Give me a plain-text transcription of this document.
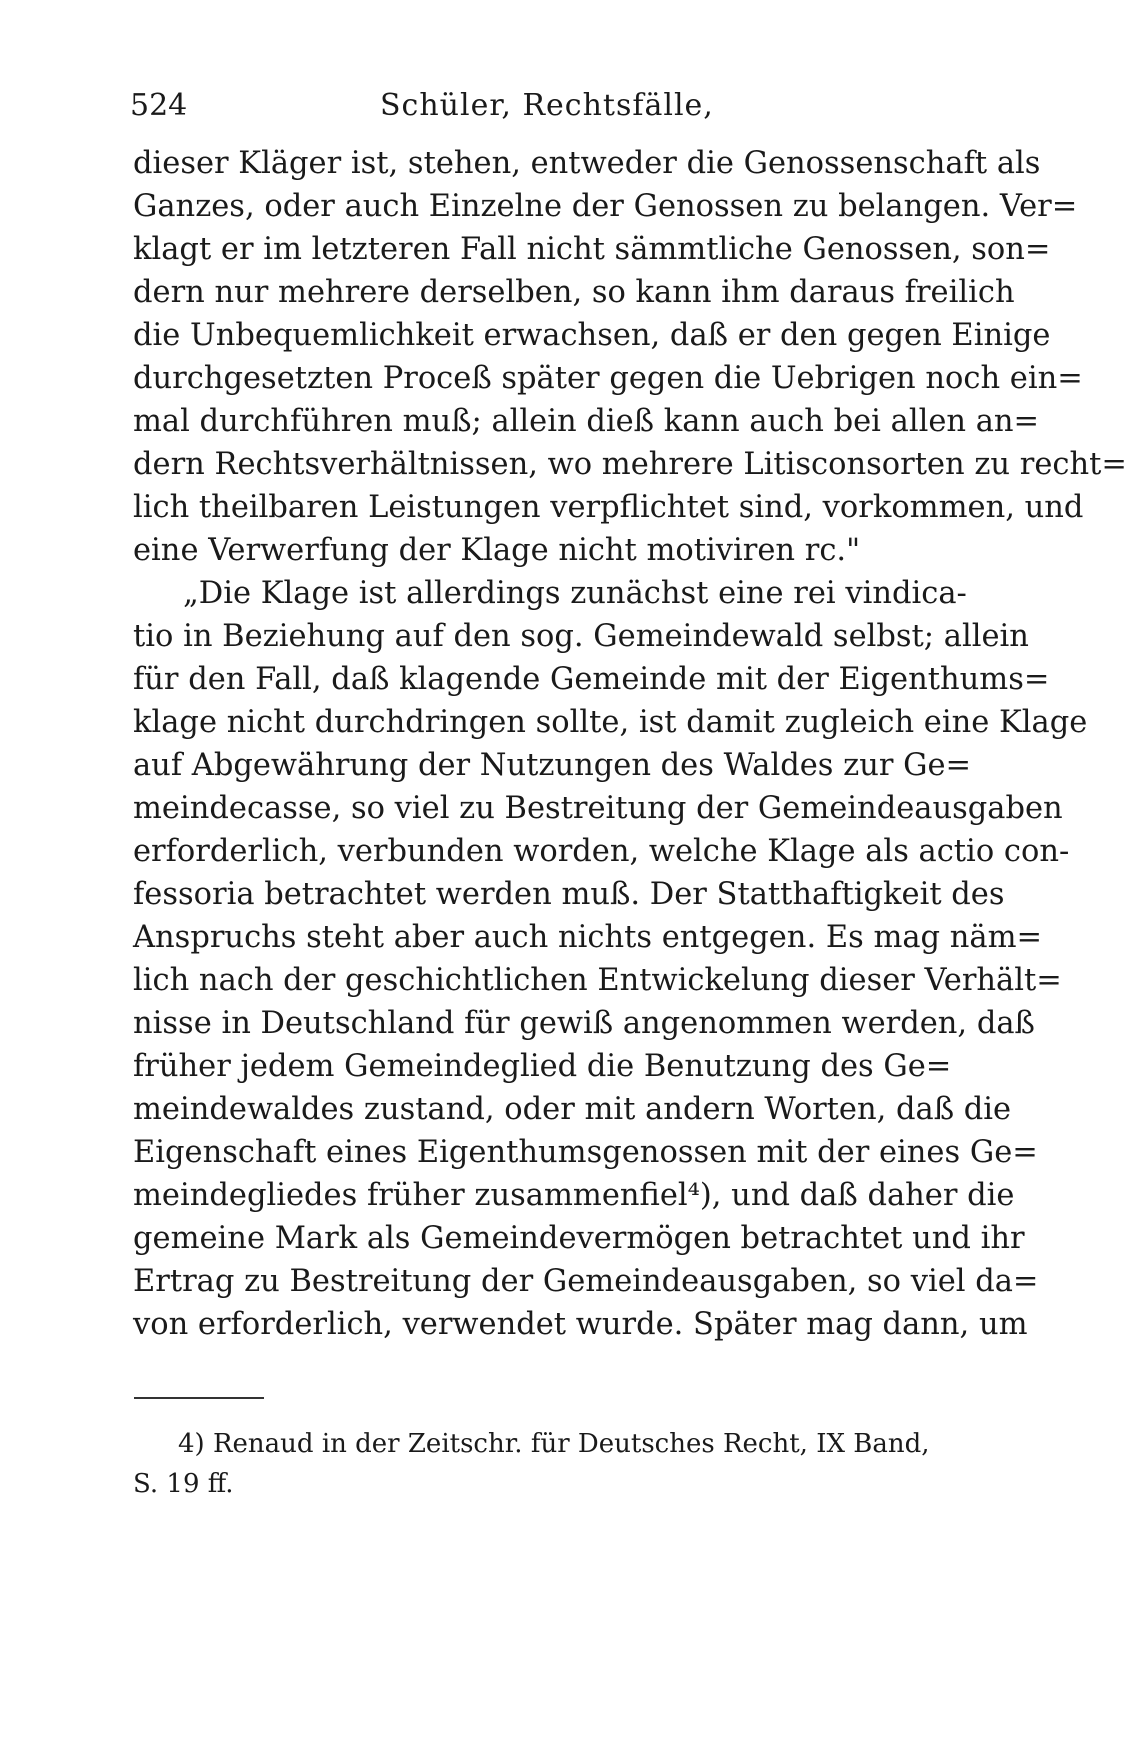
524	Schüler, Rechtsfälle,
dieser Kläger ist, stehen, entweder die Genossenschaft als
Ganzes, oder auch Einzelne der Genossen zu belangen. Ver=
klagt er im letzteren Fall nicht sämmtliche Genossen, son=
dern nur mehrere derselben, so kann ihm daraus freilich
die Unbequemlichkeit erwachsen, daß er den gegen Einige
durchgesetzten Proceß später gegen die Uebrigen noch ein=
mal durchführen muß; allein dieß kann auch bei allen an=
dern Rechtsverhältnissen, wo mehrere Litisconsorten zu recht=
lich theilbaren Leistungen verpflichtet sind, vorkommen, und
eine Verwerfung der Klage nicht motiviren rc."
„Die Klage ist allerdings zunächst eine rei vindica-
tio in Beziehung auf den sog. Gemeindewald selbst; allein
für den Fall, daß klagende Gemeinde mit der Eigenthums=
klage nicht durchdringen sollte, ist damit zugleich eine Klage
auf Abgewährung der Nutzungen des Waldes zur Ge=
meindecasse, so viel zu Bestreitung der Gemeindeausgaben
erforderlich, verbunden worden, welche Klage als actio con-
fessoria betrachtet werden muß. Der Statthaftigkeit des
Anspruchs steht aber auch nichts entgegen. Es mag näm=
lich nach der geschichtlichen Entwickelung dieser Verhält=
nisse in Deutschland für gewiß angenommen werden, daß
früher jedem Gemeindeglied die Benutzung des Ge=
meindewaldes zustand, oder mit andern Worten, daß die
Eigenschaft eines Eigenthumsgenossen mit der eines Ge=
meindegliedes früher zusammenfiel⁴), und daß daher die
gemeine Mark als Gemeindevermögen betrachtet und ihr
Ertrag zu Bestreitung der Gemeindeausgaben, so viel da=
von erforderlich, verwendet wurde. Später mag dann, um
4) Renaud in der Zeitschr. für Deutsches Recht, IX Band,
S. 19 ff.
